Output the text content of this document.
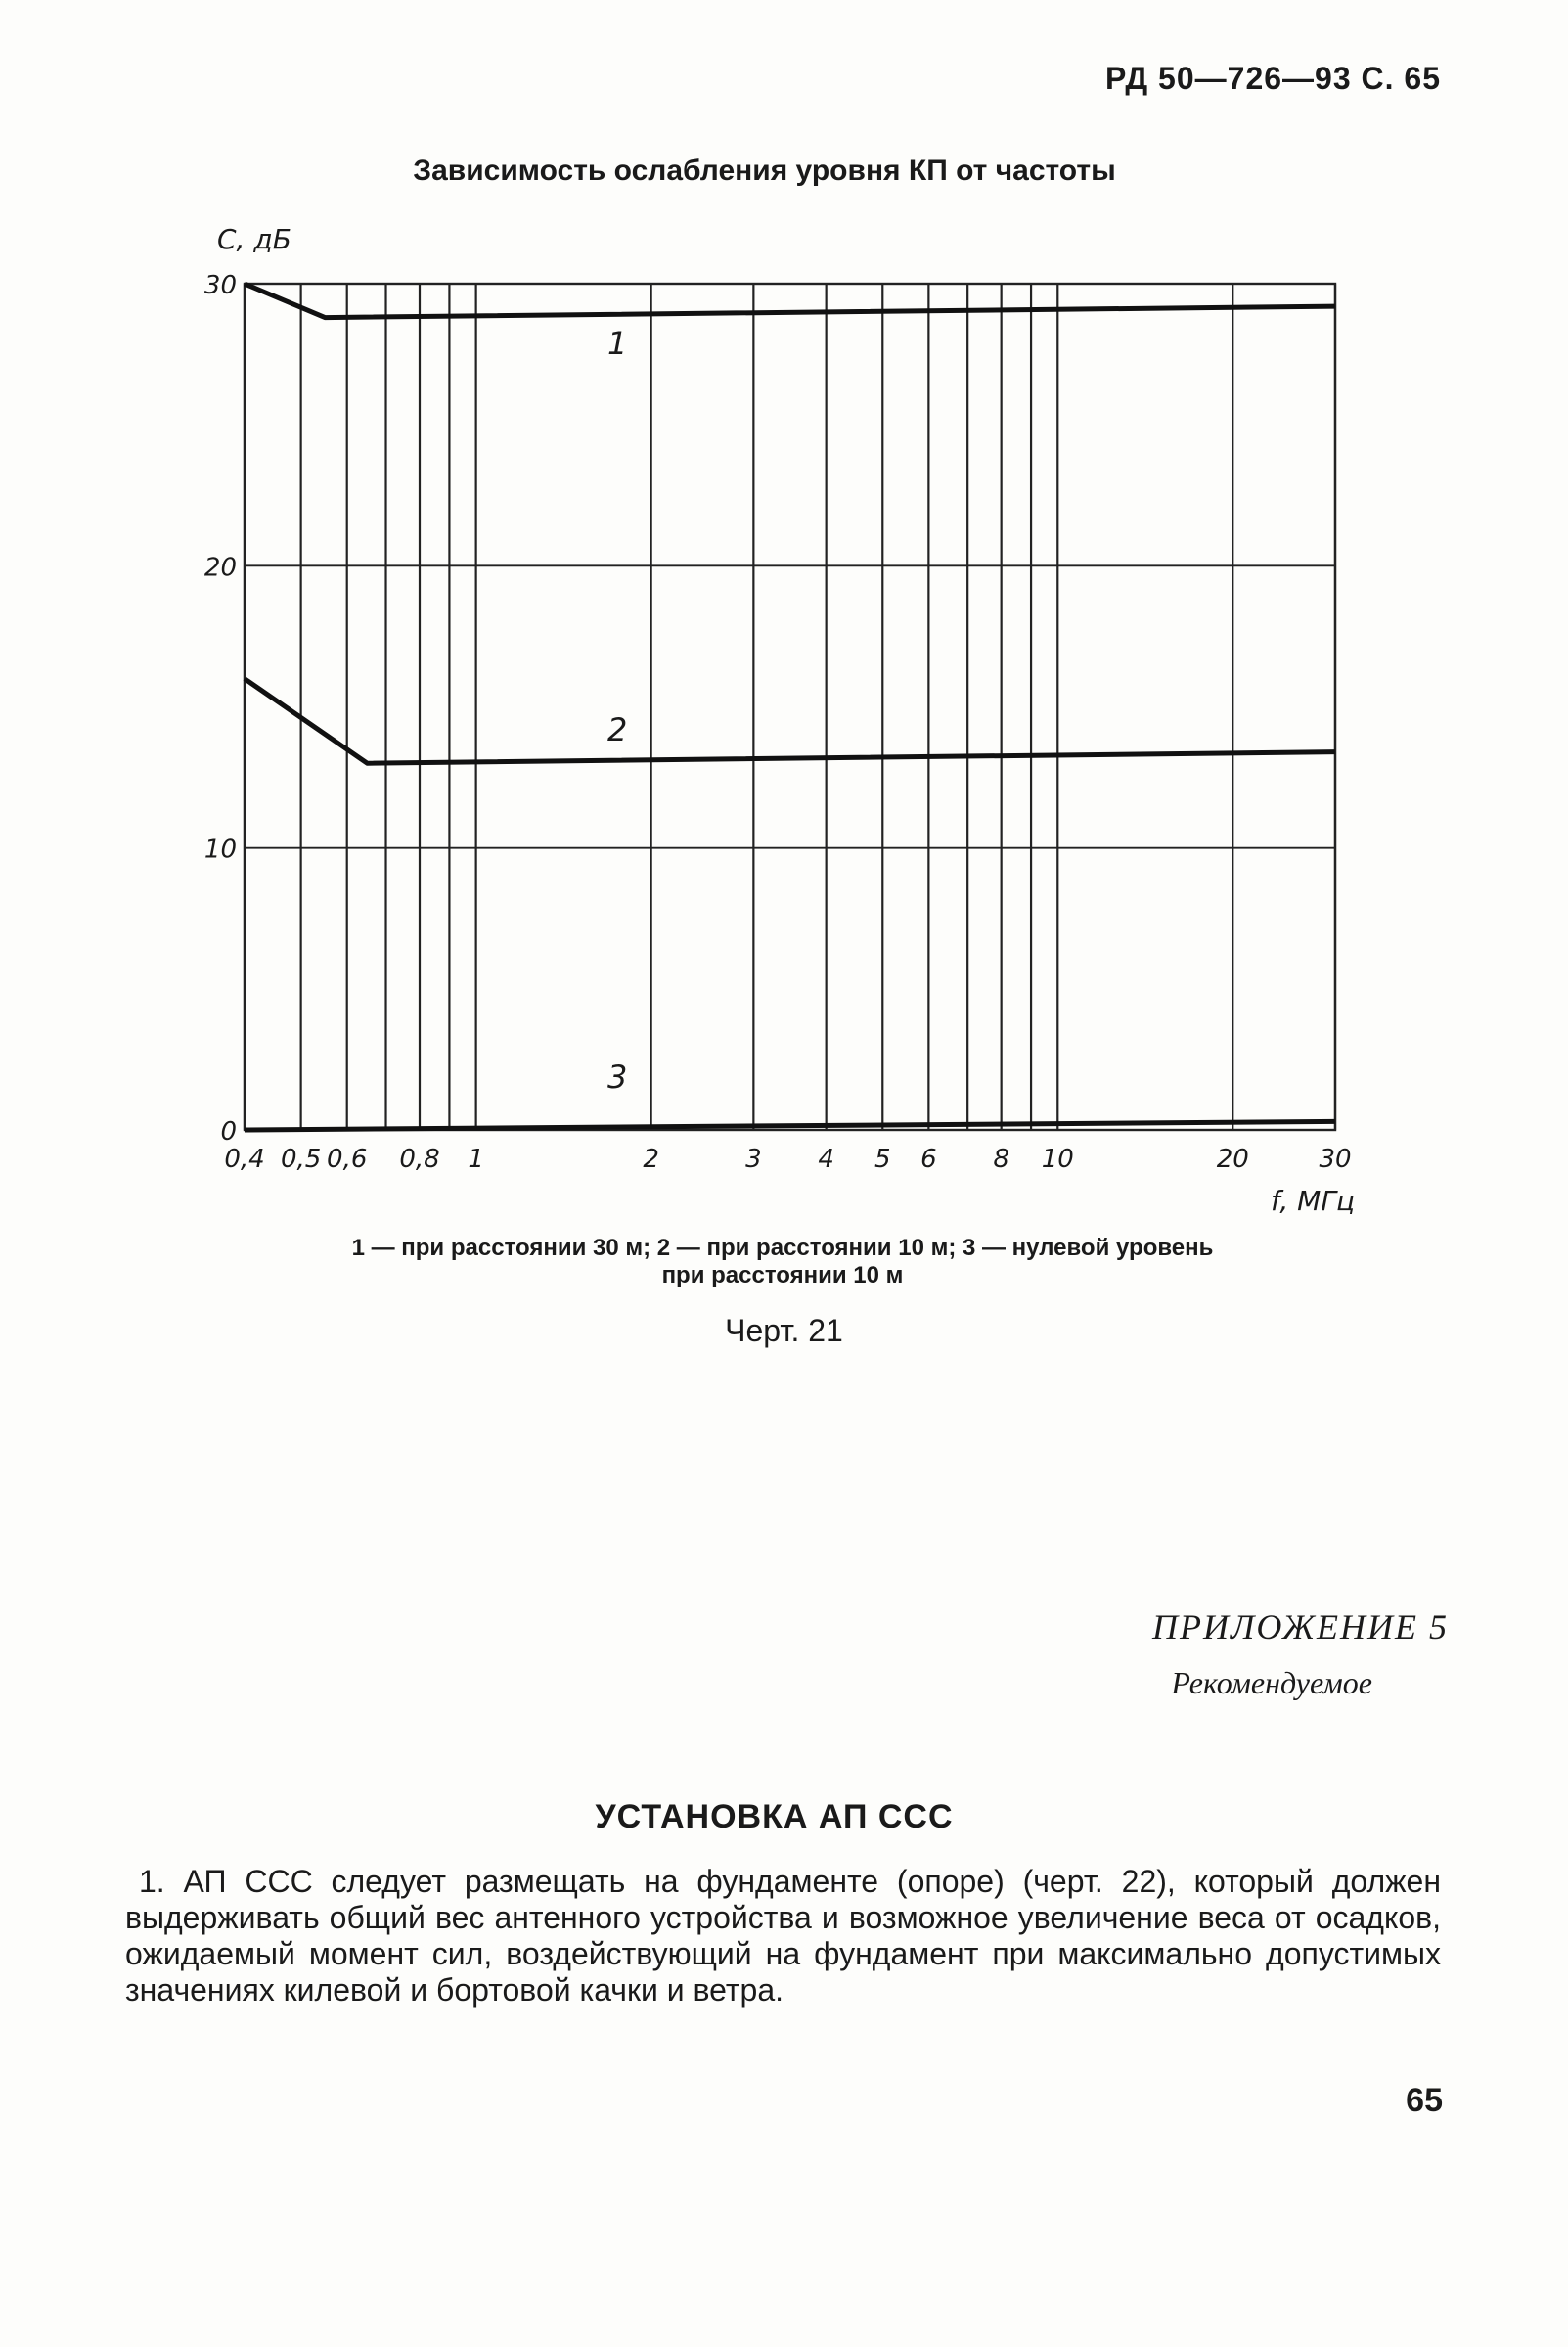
РД 50—726—93 С. 65
Зависимость ослабления уровня КП от частоты
0
10
20
30
0,4 0,5 0,6 0,8 1	2	3 4 5 6 8 10	20	30
C, дБ
f, МГц
1
2
3
1 — при расстоянии 30 м; 2 — при расстоянии 10 м; 3 — нулевой уровень
при расстоянии 10 м
Черт. 21
ПРИЛОЖЕНИЕ 5
Рекомендуемое
УСТАНОВКА АП ССС
1. АП ССС следует размещать на фундаменте (опоре) (черт. 22), который должен выдерживать общий вес антенного устройства и возможное увеличение веса от осадков, ожидаемый момент сил, воздействующий на фундамент при максимально допустимых значениях килевой и бортовой качки и ветра.
65
